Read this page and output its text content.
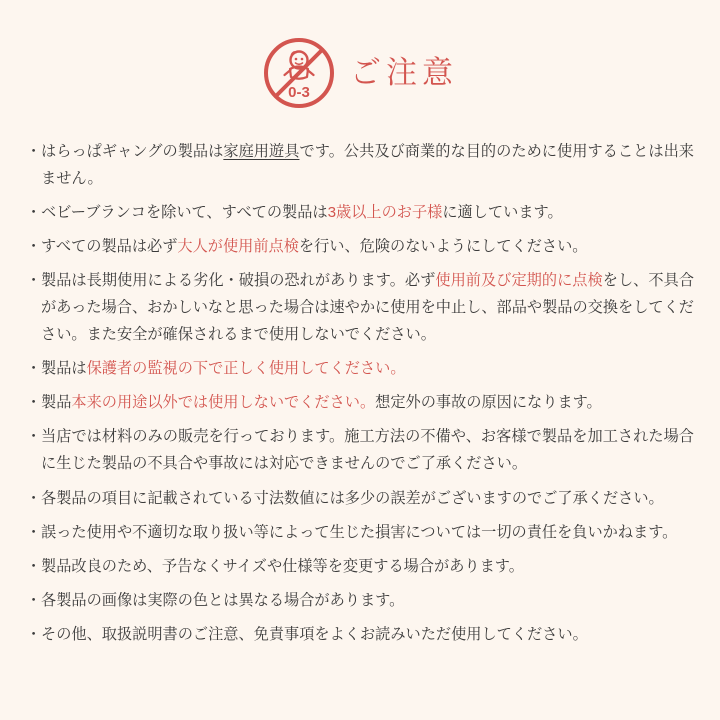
0-3
ご注意
・ はらっぱギャングの製品は家庭用遊具です。公共及び商業的な目的のために使用することは出来ません。
・ ベビーブランコを除いて、すべての製品は3歳以上のお子様に適しています。
・ すべての製品は必ず大人が使用前点検を行い、危険のないようにしてください。
・ 製品は長期使用による劣化・破損の恐れがあります。必ず使用前及び定期的に点検をし、不具合があった場合、おかしいなと思った場合は速やかに使用を中止し、部品や製品の交換をしてください。また安全が確保されるまで使用しないでください。
・ 製品は保護者の監視の下で正しく使用してください。
・ 製品本来の用途以外では使用しないでください。想定外の事故の原因になります。
・ 当店では材料のみの販売を行っております。施工方法の不備や、お客様で製品を加工された場合に生じた製品の不具合や事故には対応できませんのでご了承ください。
・ 各製品の項目に記載されている寸法数値には多少の誤差がございますのでご了承ください。
・ 誤った使用や不適切な取り扱い等によって生じた損害については一切の責任を負いかねます。
・ 製品改良のため、予告なくサイズや仕様等を変更する場合があります。
・ 各製品の画像は実際の色とは異なる場合があります。
・ その他、取扱説明書のご注意、免責事項をよくお読みいただ使用してください。
